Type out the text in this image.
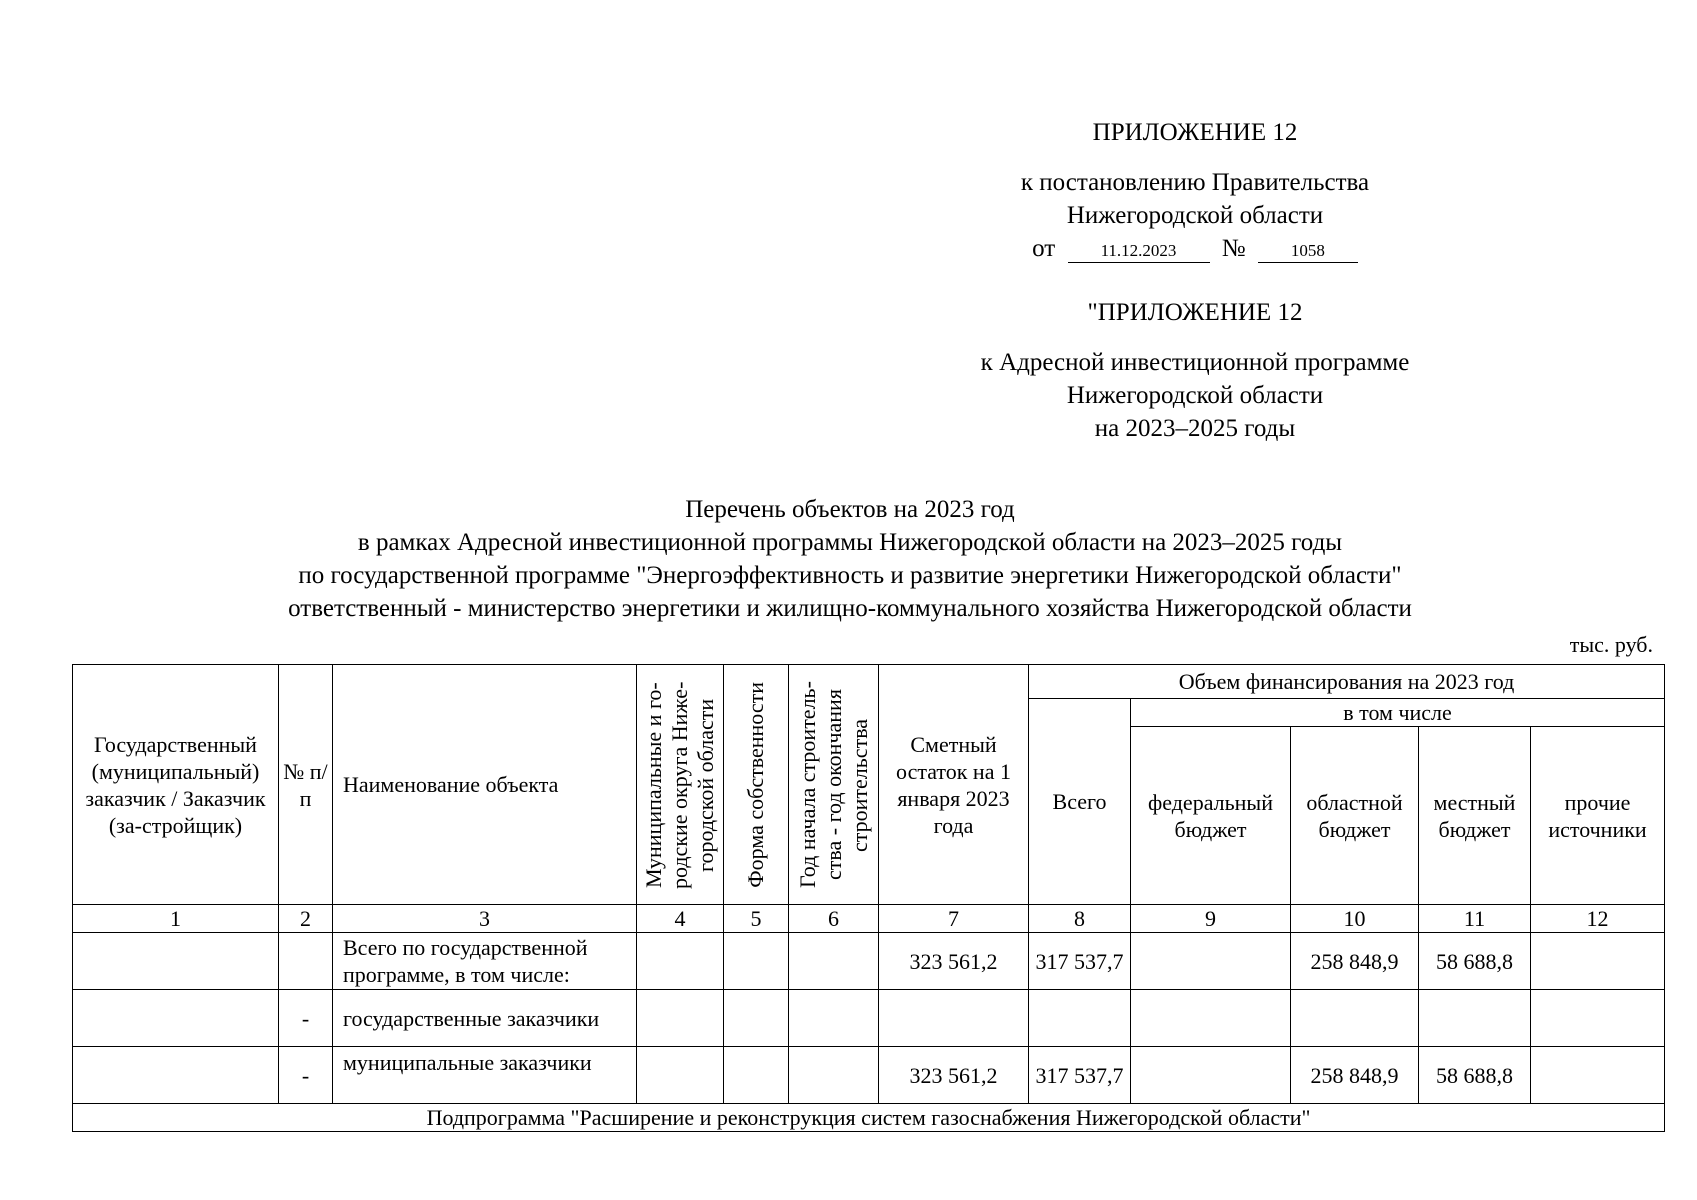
ПРИЛОЖЕНИЕ 12
к постановлению Правительства
Нижегородской области
от	11.12.2023 №	1058
"ПРИЛОЖЕНИЕ 12
к Адресной инвестиционной программе
Нижегородской области
на 2023–2025 годы
Перечень объектов на 2023 год
в рамках Адресной инвестиционной программы Нижегородской области на 2023–2025 годы
по государственной программе "Энергоэффективность и развитие энергетики Нижегородской области"
ответственный - министерство энергетики и жилищно-коммунального хозяйства Нижегородской области
тыс. руб.
Государственный (муниципальный) заказчик / Заказчик (за-стройщик)	№ п/п	Наименование объекта	Муниципальные и го-родские округа Ниже-городской области	Форма собственности	Год начала строитель-ства - год окончания строительства	Сметный остаток на 1 января 2023 года	Объем финансирования на 2023 год				
							Всего	в том числе			
								федеральный бюджет	областной бюджет	местный бюджет	прочие источники
1	2	3	4	5	6	7	8	9	10	11	12
		Всего по государственной программе, в том числе:				323 561,2	317 537,7		258 848,9	58 688,8	
	-	государственные заказчики									
	-	муниципальные заказчики				323 561,2	317 537,7		258 848,9	58 688,8	
Подпрограмма "Расширение и реконструкция систем газоснабжения Нижегородской области"											
